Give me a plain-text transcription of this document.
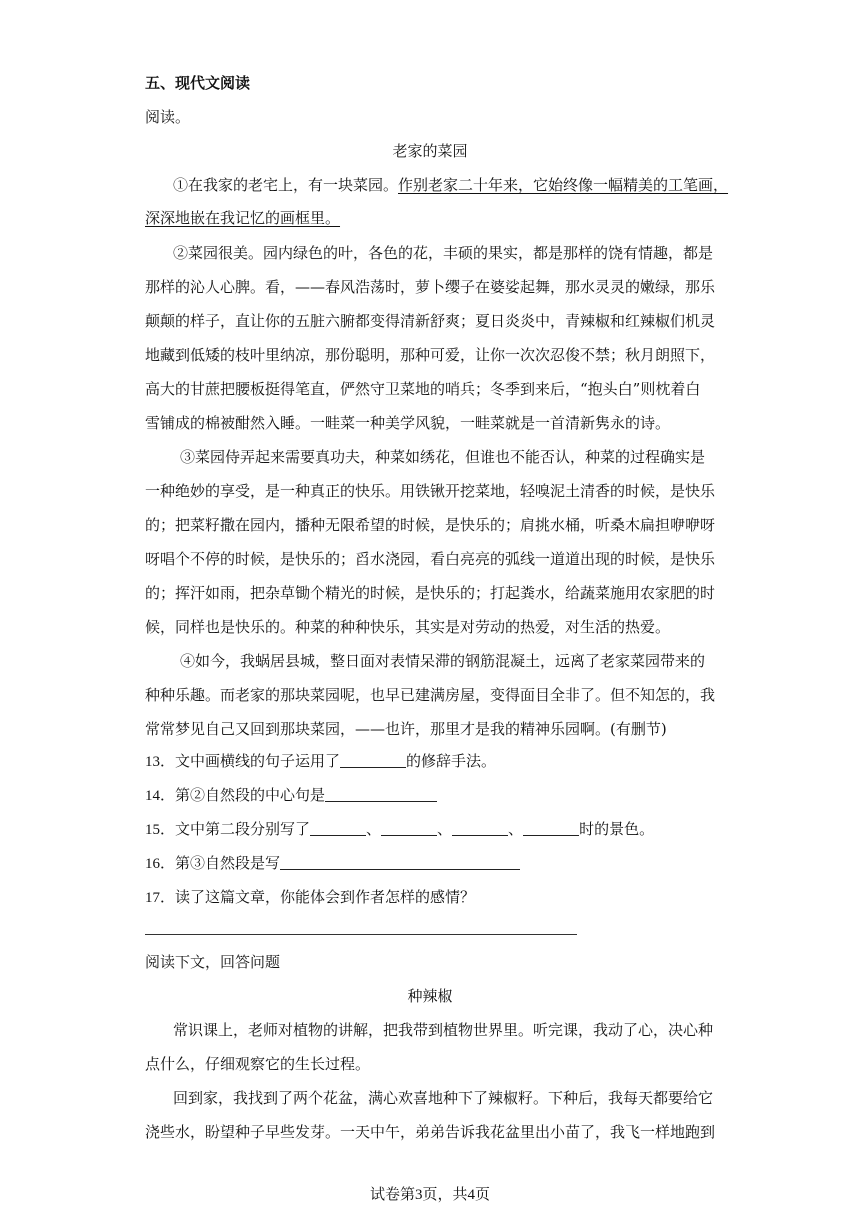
五、现代文阅读
阅读。
老家的菜园
①在我家的老宅上，有一块菜园。作别老家二十年来，它始终像一幅精美的工笔画，
深深地嵌在我记忆的画框里。
②菜园很美。园内绿色的叶，各色的花，丰硕的果实，都是那样的饶有情趣，都是
那样的沁人心脾。看，——春风浩荡时，萝卜缨子在婆娑起舞，那水灵灵的嫩绿，那乐
颠颠的样子，直让你的五脏六腑都变得清新舒爽；夏日炎炎中，青辣椒和红辣椒们机灵
地藏到低矮的枝叶里纳凉，那份聪明，那种可爱，让你一次次忍俊不禁；秋月朗照下，
高大的甘蔗把腰板挺得笔直，俨然守卫菜地的哨兵；冬季到来后，“抱头白”则枕着白
雪铺成的棉被酣然入睡。一畦菜一种美学风貌，一畦菜就是一首清新隽永的诗。
③菜园侍弄起来需要真功夫，种菜如绣花，但谁也不能否认，种菜的过程确实是
一种绝妙的享受，是一种真正的快乐。用铁锹开挖菜地，轻嗅泥土清香的时候，是快乐
的；把菜籽撒在园内，播种无限希望的时候，是快乐的；肩挑水桶，听桑木扁担咿咿呀
呀唱个不停的时候，是快乐的；舀水浇园，看白亮亮的弧线一道道出现的时候，是快乐
的；挥汗如雨，把杂草锄个精光的时候，是快乐的；打起粪水，给蔬菜施用农家肥的时
候，同样也是快乐的。种菜的种种快乐，其实是对劳动的热爱，对生活的热爱。
④如今，我蜗居县城，整日面对表情呆滞的钢筋混凝土，远离了老家菜园带来的
种种乐趣。而老家的那块菜园呢，也早已建满房屋，变得面目全非了。但不知怎的，我
常常梦见自己又回到那块菜园，——也许，那里才是我的精神乐园啊。(有删节)
13．文中画横线的句子运用了	的修辞手法。
14．第②自然段的中心句是
15．文中第二段分别写了	、	、	、	时的景色。
16．第③自然段是写
17．读了这篇文章，你能体会到作者怎样的感情？
阅读下文，回答问题
种辣椒
常识课上，老师对植物的讲解，把我带到植物世界里。听完课，我动了心，决心种
点什么，仔细观察它的生长过程。
回到家，我找到了两个花盆，满心欢喜地种下了辣椒籽。下种后，我每天都要给它
浇些水，盼望种子早些发芽。一天中午，弟弟告诉我花盆里出小苗了，我飞一样地跑到
试卷第3页，共4页
